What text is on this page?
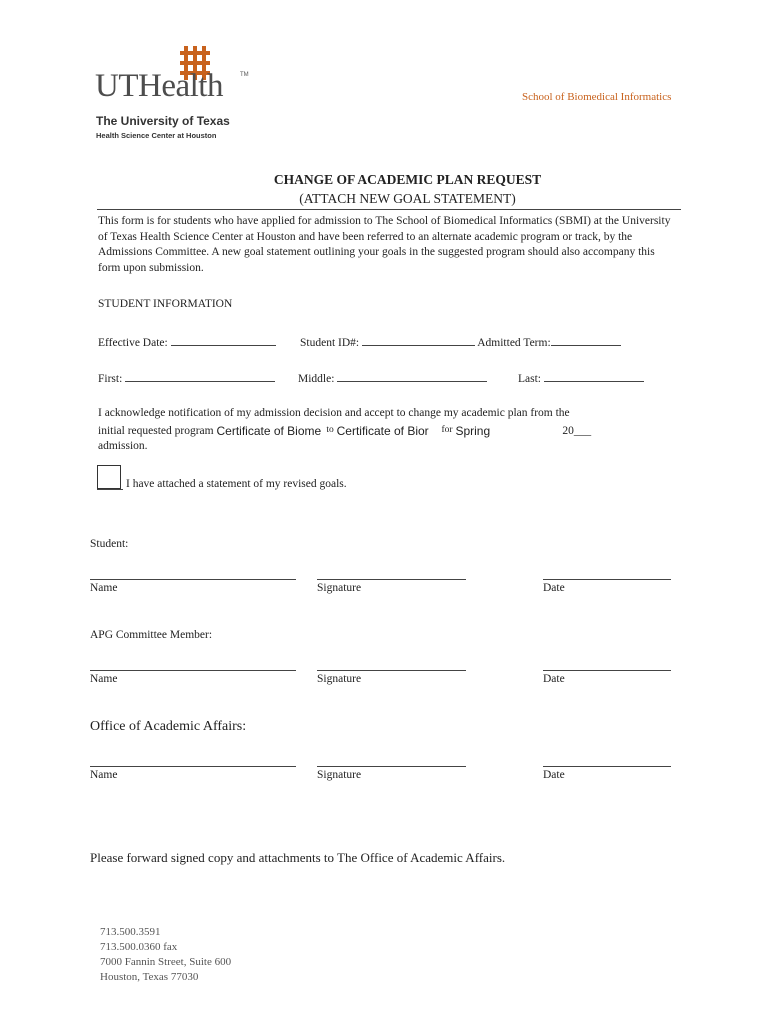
UTHealth	TM
The University of Texas
Health Science Center at Houston
School of Biomedical Informatics
CHANGE OF ACADEMIC PLAN REQUEST
(ATTACH NEW GOAL STATEMENT)
This form is for students who have applied for admission to The School of Biomedical Informatics (SBMI) at the University of Texas Health Science Center at Houston and have been referred to an alternate academic program or track, by the Admissions Committee. A new goal statement outlining your goals in the suggested program should also accompany this form upon submission.
STUDENT INFORMATION
Effective Date:	Student ID#:	Admitted Term:
First:	Middle:	Last:
I acknowledge notification of my admission decision and accept to change my academic plan from the
initial requested program Certificate of Biome to Certificate of Bior for Spring	20___
admission.
I have attached a statement of my revised goals.
Student:
Name	Signature	Date
APG Committee Member:
Name	Signature	Date
Office of Academic Affairs:
Name	Signature	Date
Please forward signed copy and attachments to The Office of Academic Affairs.
713.500.3591
713.500.0360 fax
7000 Fannin Street, Suite 600
Houston, Texas 77030
